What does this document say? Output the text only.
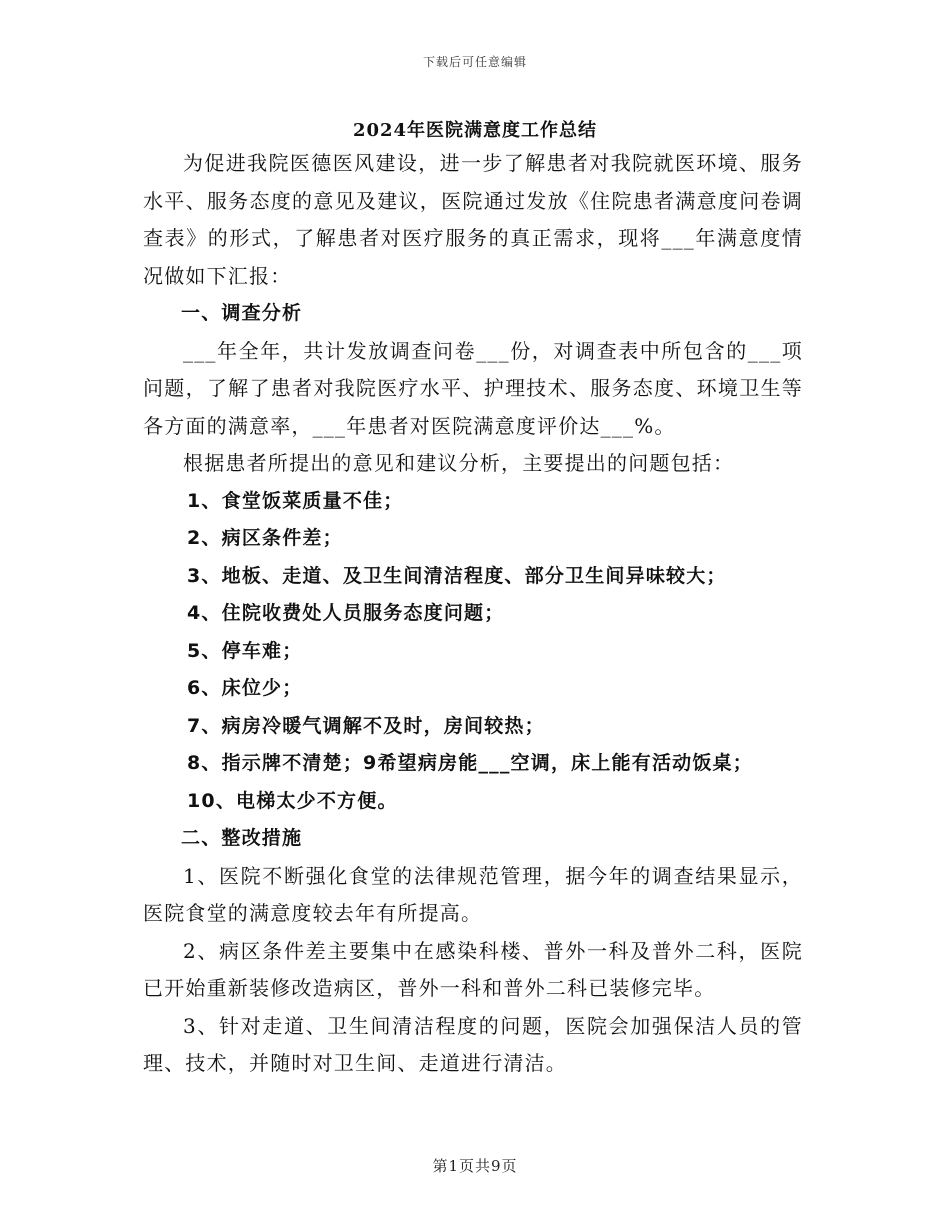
下载后可任意编辑
2024年医院满意度工作总结

为促进我院医德医风建设，进一步了解患者对我院就医环境、服务水平、服务态度的意见及建议，医院通过发放《住院患者满意度问卷调查表》的形式，了解患者对医疗服务的真正需求，现将___年满意度情况做如下汇报：

一、调查分析

___年全年，共计发放调查问卷___份，对调查表中所包含的___项问题，了解了患者对我院医疗水平、护理技术、服务态度、环境卫生等各方面的满意率，___年患者对医院满意度评价达___%。

根据患者所提出的意见和建议分析，主要提出的问题包括：

1、食堂饭菜质量不佳；

2、病区条件差；

3、地板、走道、及卫生间清洁程度、部分卫生间异味较大；

4、住院收费处人员服务态度问题；

5、停车难；

6、床位少；

7、病房冷暖气调解不及时，房间较热；

8、指示牌不清楚；9希望病房能___空调，床上能有活动饭桌；

10、电梯太少不方便。

二、整改措施

1、医院不断强化食堂的法律规范管理，据今年的调查结果显示，医院食堂的满意度较去年有所提高。

2、病区条件差主要集中在感染科楼、普外一科及普外二科，医院已开始重新装修改造病区，普外一科和普外二科已装修完毕。

3、针对走道、卫生间清洁程度的问题，医院会加强保洁人员的管理、技术，并随时对卫生间、走道进行清洁。

第1页共9页
